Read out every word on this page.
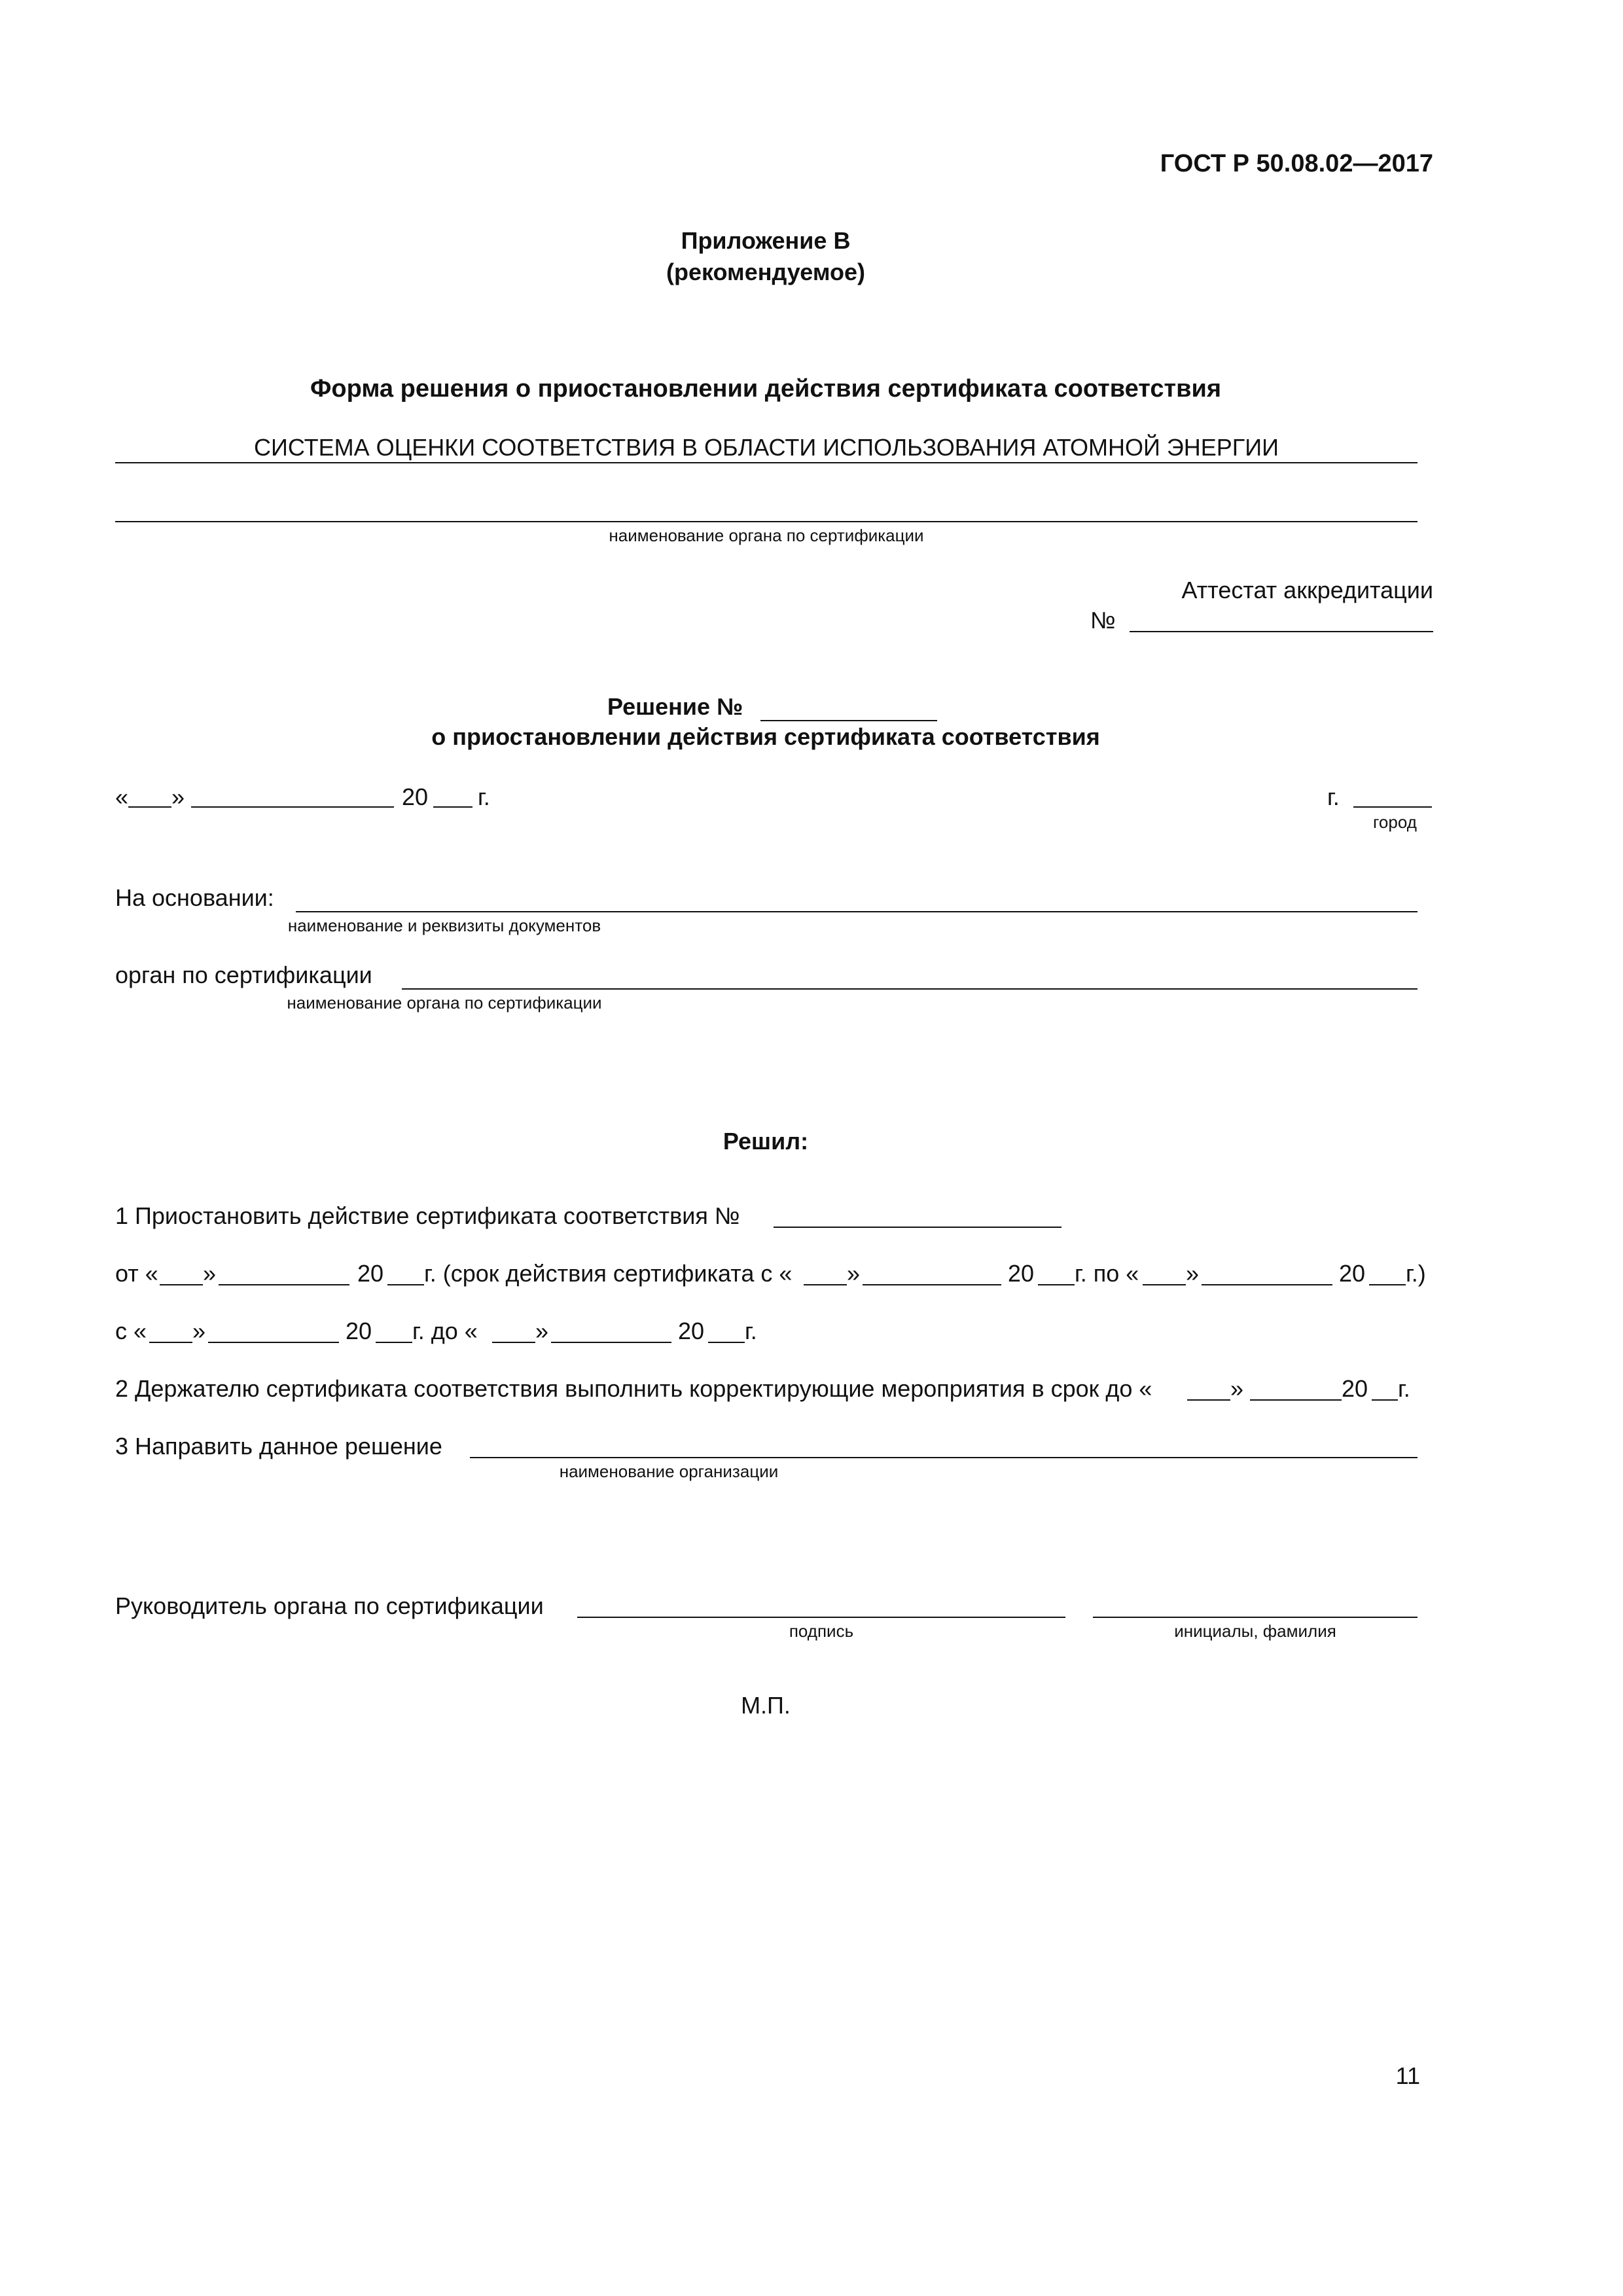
ГОСТ Р 50.08.02—2017
Приложение В
(рекомендуемое)
Форма решения о приостановлении действия сертификата соответствия
СИСТЕМА ОЦЕНКИ СООТВЕТСТВИЯ В ОБЛАСТИ ИСПОЛЬЗОВАНИЯ АТОМНОЙ ЭНЕРГИИ
наименование органа по сертификации
Аттестат аккредитации
№
Решение №
о приостановлении действия сертификата соответствия
« »	20 г.	г.
город
На основании:
наименование и реквизиты документов
орган по сертификации
наименование органа по сертификации
Решил:
1 Приостановить действие сертификата соответствия №
от « »	20 г. (срок действия сертификата с « »	20 г. по « »	20 г.)
с « »	20 г. до « »	20 г.
2 Держателю сертификата соответствия выполнить корректирующие мероприятия в срок до «	»	20 г.
3 Направить данное решение
наименование организации
Руководитель органа по сертификации
подпись	инициалы, фамилия
М.П.
11
